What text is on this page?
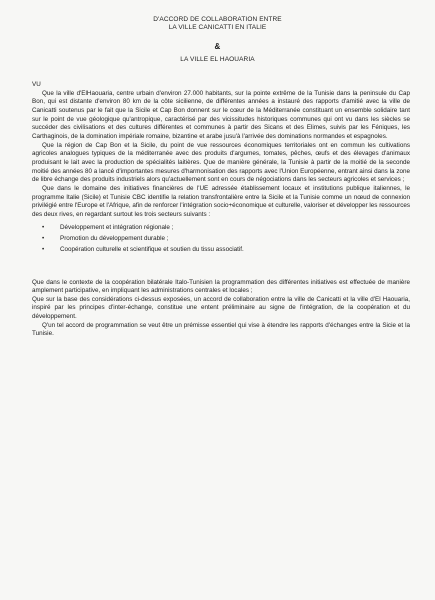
D'ACCORD DE COLLABORATION ENTRE
LA VILLE CANICATTI EN ITALIE
&
LA VILLE EL HAOUARIA

VU

Que la ville d'ElHaouaria, centre urbain d'environ 27.000 habitants, sur la pointe extrême de la Tunisie dans la peninsule du Cap Bon, qui est distante d'environ 80 km de la côte sicilienne, de différentes années a instauré des rapports d'amitié avec la ville de Canicatti soutenus par le fait que la Sicile et Cap Bon donnent sur le cœur de la Méditerranée constituant un ensemble solidaire tant sur le point de vue géologique qu'antropique, caractérisé par des vicissitudes historiques communes qui ont vu dans les siècles se succéder des civilisations et des cultures différentes et communes à partir des Sicans et des Elimes, suivis par les Féniques, les Carthaginois, de la domination impériale romaine, bizantine et arabe jusu'à l'arrivée des dominations normandes et espagnoles.

Que la région de Cap Bon et la Sicile, du point de vue ressources économiques territoriales ont en commun les cultivations agricoles analogues typiques de la méditerranée avec des produits d'argumes, tomates, pêches, œufs et des élevages d'animaux produisant le lait avec la production de spécialités laitières. Que de manière générale, la Tunisie à partir de la moitié de la seconde moitié des années 80 a lancé d'importantes mesures d'harmonisation des rapports avec l'Union Européenne, entrant ainsi dans la zone de libre échange des produits industriels alors qu'actuellement sont en cours de négociations dans les secteurs agricoles et services ;

Que dans le domaine des initiatives financières de l'UE adressée établissement locaux et institutions publique italiennes, le programme Italie (Sicile) et Tunisie CBC identifie la relation transfrontalière entre la Sicile et la Tunisie comme un nœud de connexion privilégié entre l'Europe et l'Afrique, afin de renforcer l'intégration socio+économique et culturelle, valoriser et développer les ressources des deux rives, en regardant surtout les trois secteurs suivants :

•	Développement et intégration régionale ;
•	Promotion du développement durable ;
•	Coopération culturelle et scientifique et soutien du tissu associatif.

Que dans le contexte de la coopération bilatérale Italo-Tunisien la programmation des différentes initiatives est effectuée de manière amplement participative, en impliquant les administrations centrales et locales ;

Que sur la base des considérations ci-dessus exposées, un accord de collaboration entre la ville de Canicatti et la ville d'El Haouaria, inspiré par les principes d'inter-échange, constitue une entent préliminaire au signe de l'intégration, de la coopération et du développement.

Q'un tel accord de programmation se veut être un prémisse essentiel qui vise à étendre les rapports d'échanges entre la Sicie et la Tunisie.
